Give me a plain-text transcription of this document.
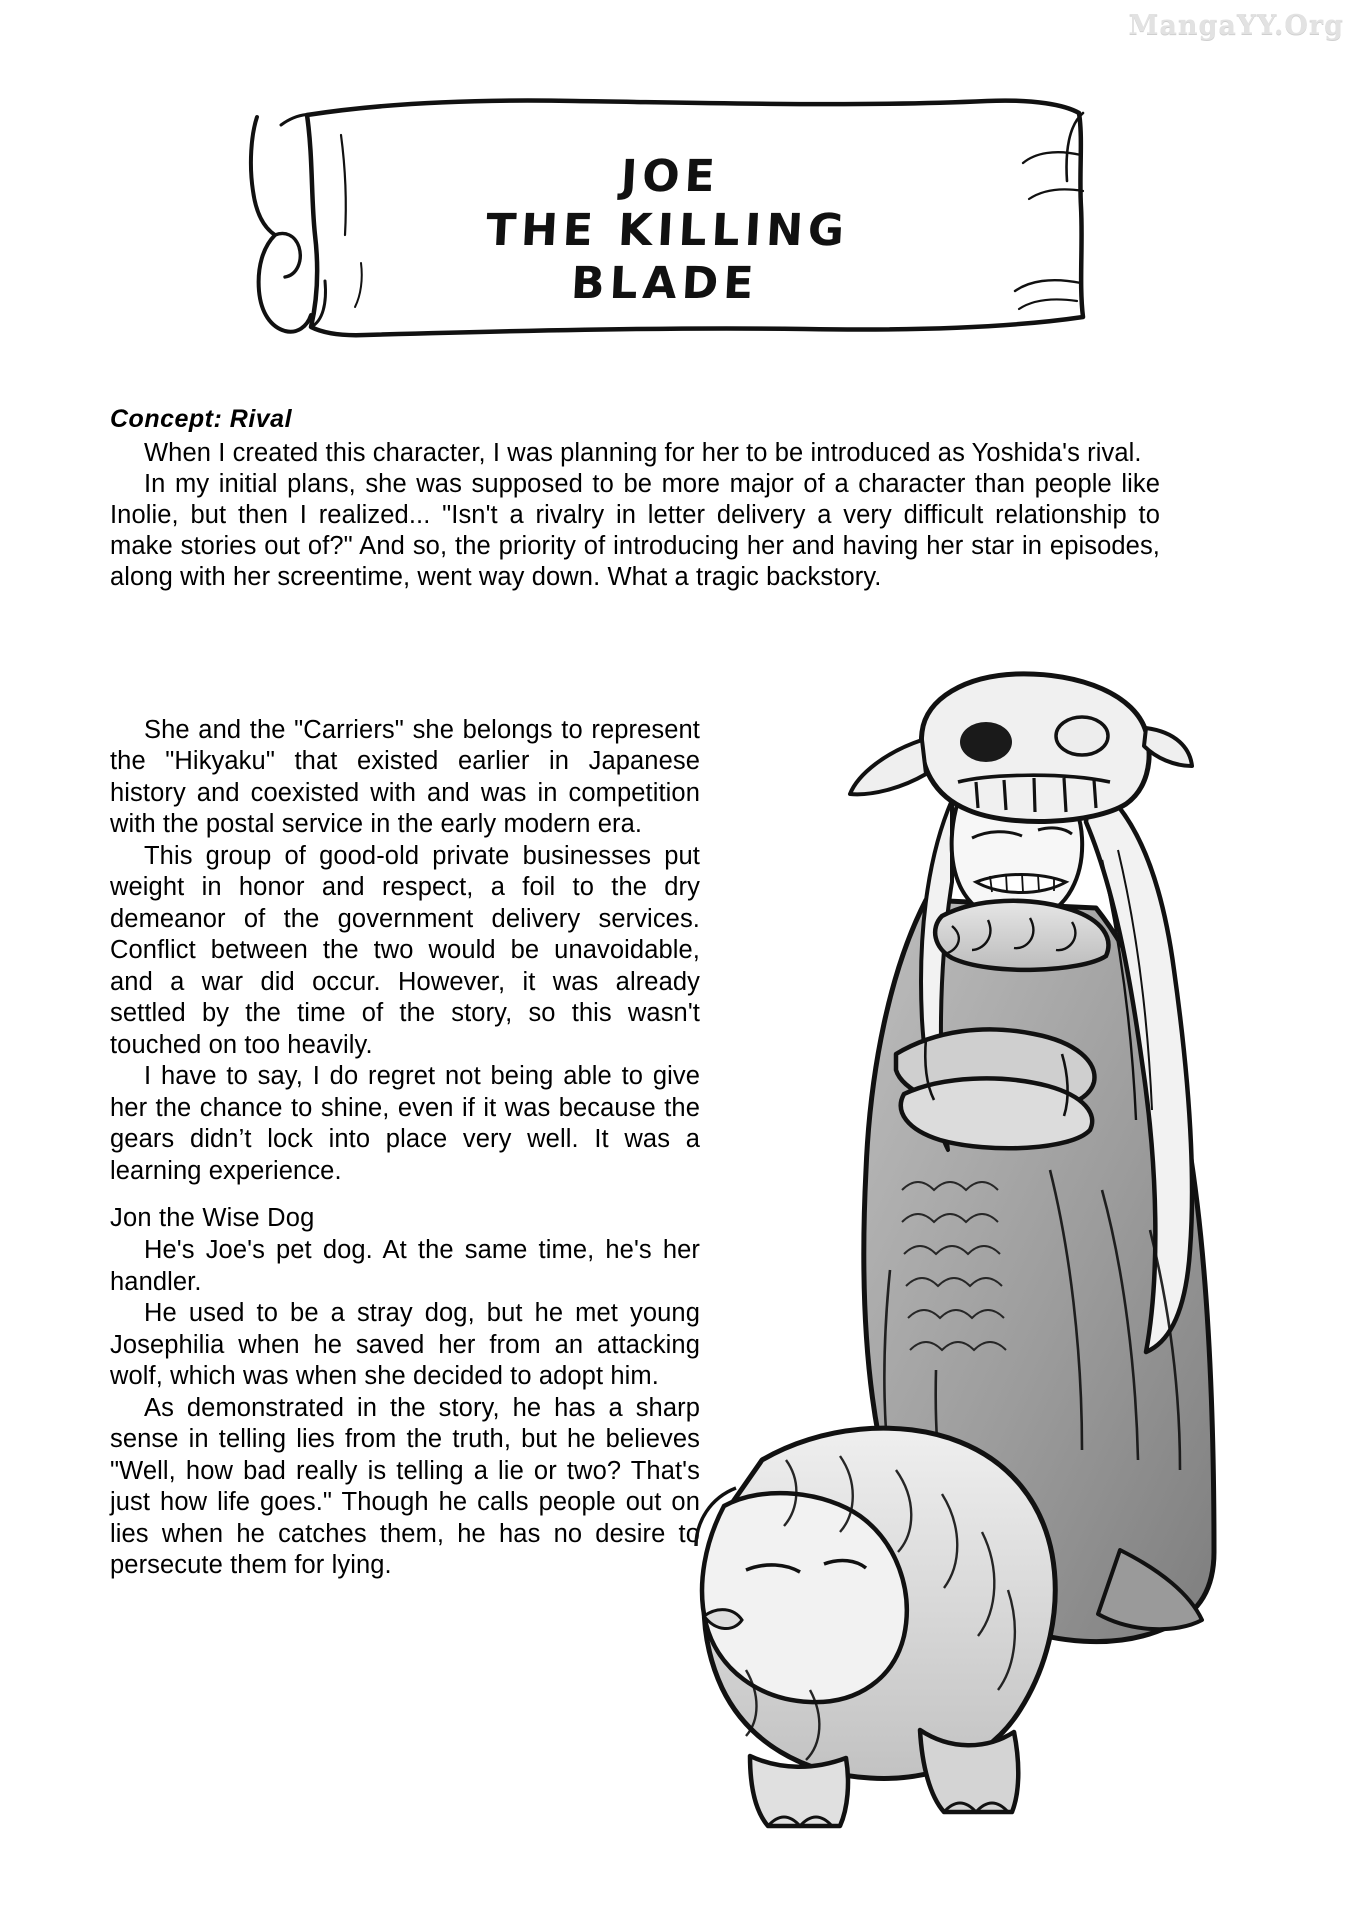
MangaYY.Org
JOE
THE KILLING
BLADE

Concept: Rival

When I created this character, I was planning for her to be introduced as Yoshida's rival.

In my initial plans, she was supposed to be more major of a character than people like Inolie, but then I realized... "Isn't a rivalry in letter delivery a very difficult relationship to make stories out of?" And so, the priority of introducing her and having her star in episodes, along with her screentime, went way down. What a tragic backstory.

She and the "Carriers" she belongs to represent the "Hikyaku" that existed earlier in Japanese history and coexisted with and was in competition with the postal service in the early modern era.

This group of good-old private businesses put weight in honor and respect, a foil to the dry demeanor of the government delivery services. Conflict between the two would be unavoidable, and a war did occur. However, it was already settled by the time of the story, so this wasn't touched on too heavily.

I have to say, I do regret not being able to give her the chance to shine, even if it was because the gears didn’t lock into place very well. It was a learning experience.

Jon the Wise Dog

He's Joe's pet dog. At the same time, he's her handler.

He used to be a stray dog, but he met young Josephilia when he saved her from an attacking wolf, which was when she decided to adopt him.

As demonstrated in the story, he has a sharp sense in telling lies from the truth, but he believes "Well, how bad really is telling a lie or two? That's just how life goes." Though he calls people out on lies when he catches them, he has no desire to persecute them for lying.
